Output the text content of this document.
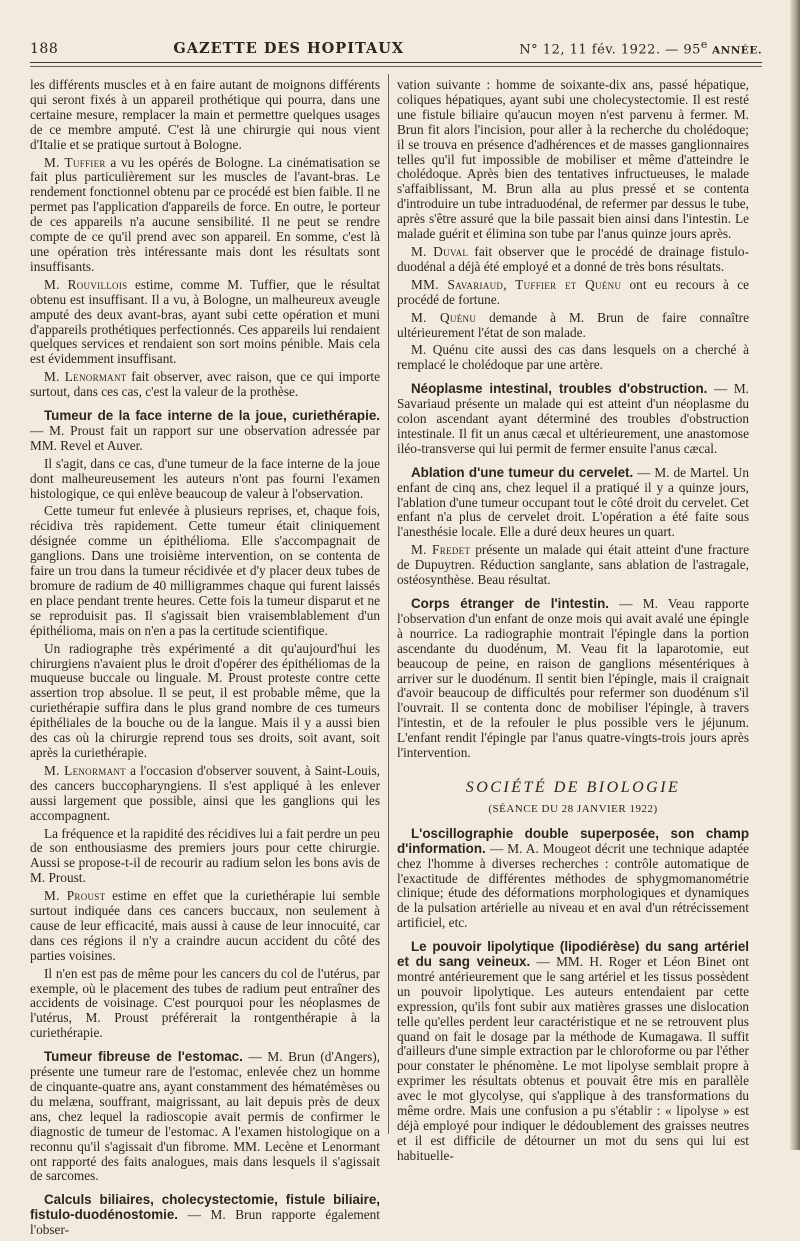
188	GAZETTE DES HOPITAUX	N° 12, 11 fév. 1922. — 95e ANNÉE.

les différents muscles et à en faire autant de moignons différents qui seront fixés à un appareil prothétique qui pourra, dans une certaine mesure, remplacer la main et permettre quelques usages de ce membre amputé. C'est là une chirurgie qui nous vient d'Italie et se pratique surtout à Bologne.

M. Tuffier a vu les opérés de Bologne. La cinématisation se fait plus particulièrement sur les muscles de l'avant-bras. Le rendement fonctionnel obtenu par ce procédé est bien faible. Il ne permet pas l'application d'appareils de force. En outre, le porteur de ces appareils n'a aucune sensibilité. Il ne peut se rendre compte de ce qu'il prend avec son appareil. En somme, c'est là une opération très intéressante mais dont les résultats sont insuffisants.

M. Rouvillois estime, comme M. Tuffier, que le résultat obtenu est insuffisant. Il a vu, à Bologne, un malheureux aveugle amputé des deux avant-bras, ayant subi cette opération et muni d'appareils prothétiques perfectionnés. Ces appareils lui rendaient quelques services et rendaient son sort moins pénible. Mais cela est évidemment insuffisant.

M. Lenormant fait observer, avec raison, que ce qui importe surtout, dans ces cas, c'est la valeur de la prothèse.

Tumeur de la face interne de la joue, curiethérapie. — M. Proust fait un rapport sur une observation adressée par MM. Revel et Auver.

Il s'agit, dans ce cas, d'une tumeur de la face interne de la joue dont malheureusement les auteurs n'ont pas fourni l'examen histologique, ce qui enlève beaucoup de valeur à l'observation.

Cette tumeur fut enlevée à plusieurs reprises, et, chaque fois, récidiva très rapidement. Cette tumeur était cliniquement désignée comme un épithélioma. Elle s'accompagnait de ganglions. Dans une troisième intervention, on se contenta de faire un trou dans la tumeur récidivée et d'y placer deux tubes de bromure de radium de 40 milligrammes chaque qui furent laissés en place pendant trente heures. Cette fois la tumeur disparut et ne se reproduisit pas. Il s'agissait bien vraisemblablement d'un épithélioma, mais on n'en a pas la certitude scientifique.

Un radiographe très expérimenté a dit qu'aujourd'hui les chirurgiens n'avaient plus le droit d'opérer des épithéliomas de la muqueuse buccale ou linguale. M. Proust proteste contre cette assertion trop absolue. Il se peut, il est probable même, que la curiethérapie suffira dans le plus grand nombre de ces tumeurs épithéliales de la bouche ou de la langue. Mais il y a aussi bien des cas où la chirurgie reprend tous ses droits, soit avant, soit après la curiethérapie.

M. Lenormant a l'occasion d'observer souvent, à Saint-Louis, des cancers buccopharyngiens. Il s'est appliqué à les enlever aussi largement que possible, ainsi que les ganglions qui les accompagnent.

La fréquence et la rapidité des récidives lui a fait perdre un peu de son enthousiasme des premiers jours pour cette chirurgie. Aussi se propose-t-il de recourir au radium selon les bons avis de M. Proust.

M. Proust estime en effet que la curiethérapie lui semble surtout indiquée dans ces cancers buccaux, non seulement à cause de leur efficacité, mais aussi à cause de leur innocuité, car dans ces régions il n'y a craindre aucun accident du côté des parties voisines.

Il n'en est pas de même pour les cancers du col de l'utérus, par exemple, où le placement des tubes de radium peut entraîner des accidents de voisinage. C'est pourquoi pour les néoplasmes de l'utérus, M. Proust préférerait la rontgenthérapie à la curiethérapie.

Tumeur fibreuse de l'estomac. — M. Brun (d'Angers), présente une tumeur rare de l'estomac, enlevée chez un homme de cinquante-quatre ans, ayant constamment des hématémèses ou du melæna, souffrant, maigrissant, au lait depuis près de deux ans, chez lequel la radioscopie avait permis de confirmer le diagnostic de tumeur de l'estomac. A l'examen histologique on a reconnu qu'il s'agissait d'un fibrome. MM. Lecène et Lenormant ont rapporté des faits analogues, mais dans lesquels il s'agissait de sarcomes.

Calculs biliaires, cholecystectomie, fistule biliaire, fistulo-duodénostomie. — M. Brun rapporte également l'obser-

vation suivante : homme de soixante-dix ans, passé hépatique, coliques hépatiques, ayant subi une cholecystectomie. Il est resté une fistule biliaire qu'aucun moyen n'est parvenu à fermer. M. Brun fit alors l'incision, pour aller à la recherche du cholédoque; il se trouva en présence d'adhérences et de masses ganglionnaires telles qu'il fut impossible de mobiliser et même d'atteindre le cholédoque. Après bien des tentatives infructueuses, le malade s'affaiblissant, M. Brun alla au plus pressé et se contenta d'introduire un tube intraduodénal, de refermer par dessus le tube, après s'être assuré que la bile passait bien ainsi dans l'intestin. Le malade guérit et élimina son tube par l'anus quinze jours après.

M. Duval fait observer que le procédé de drainage fistulo-duodénal a déjà été employé et a donné de très bons résultats.

MM. Savariaud, Tuffier et Quénu ont eu recours à ce procédé de fortune.

M. Quénu demande à M. Brun de faire connaître ultérieurement l'état de son malade.

M. Quénu cite aussi des cas dans lesquels on a cherché à remplacé le cholédoque par une artère.

Néoplasme intestinal, troubles d'obstruction. — M. Savariaud présente un malade qui est atteint d'un néoplasme du colon ascendant ayant déterminé des troubles d'obstruction intestinale. Il fit un anus cæcal et ultérieurement, une anastomose iléo-transverse qui lui permit de fermer ensuite l'anus cæcal.

Ablation d'une tumeur du cervelet. — M. de Martel. Un enfant de cinq ans, chez lequel il a pratiqué il y a quinze jours, l'ablation d'une tumeur occupant tout le côté droit du cervelet. Cet enfant n'a plus de cervelet droit. L'opération a été faite sous l'anesthésie locale. Elle a duré deux heures un quart.

M. Fredet présente un malade qui était atteint d'une fracture de Dupuytren. Réduction sanglante, sans ablation de l'astragale, ostéosynthèse. Beau résultat.

Corps étranger de l'intestin. — M. Veau rapporte l'observation d'un enfant de onze mois qui avait avalé une épingle à nourrice. La radiographie montrait l'épingle dans la portion ascendante du duodénum, M. Veau fit la laparotomie, eut beaucoup de peine, en raison de ganglions mésentériques à arriver sur le duodénum. Il sentit bien l'épingle, mais il craignait d'avoir beaucoup de difficultés pour refermer son duodénum s'il l'ouvrait. Il se contenta donc de mobiliser l'épingle, à travers l'intestin, et de la refouler le plus possible vers le jéjunum. L'enfant rendit l'épingle par l'anus quatre-vingts-trois jours après l'intervention.

SOCIÉTÉ DE BIOLOGIE

(SÉANCE DU 28 JANVIER 1922)

L'oscillographie double superposée, son champ d'information. — M. A. Mougeot décrit une technique adaptée chez l'homme à diverses recherches : contrôle automatique de l'exactitude de différentes méthodes de sphygmomanométrie clinique; étude des déformations morphologiques et dynamiques de la pulsation artérielle au niveau et en aval d'un rétrécissement artificiel, etc.

Le pouvoir lipolytique (lipodiérèse) du sang artériel et du sang veineux. — MM. H. Roger et Léon Binet ont montré antérieurement que le sang artériel et les tissus possèdent un pouvoir lipolytique. Les auteurs entendaient par cette expression, qu'ils font subir aux matières grasses une dislocation telle qu'elles perdent leur caractéristique et ne se retrouvent plus quand on fait le dosage par la méthode de Kumagawa. Il suffit d'ailleurs d'une simple extraction par le chloroforme ou par l'éther pour constater le phénomène. Le mot lipolyse semblait propre à exprimer les résultats obtenus et pouvait être mis en parallèle avec le mot glycolyse, qui s'applique à des transformations du même ordre. Mais une confusion a pu s'établir : « lipolyse » est déjà employé pour indiquer le dédoublement des graisses neutres et il est difficile de détourner un mot du sens qui lui est habituelle-
